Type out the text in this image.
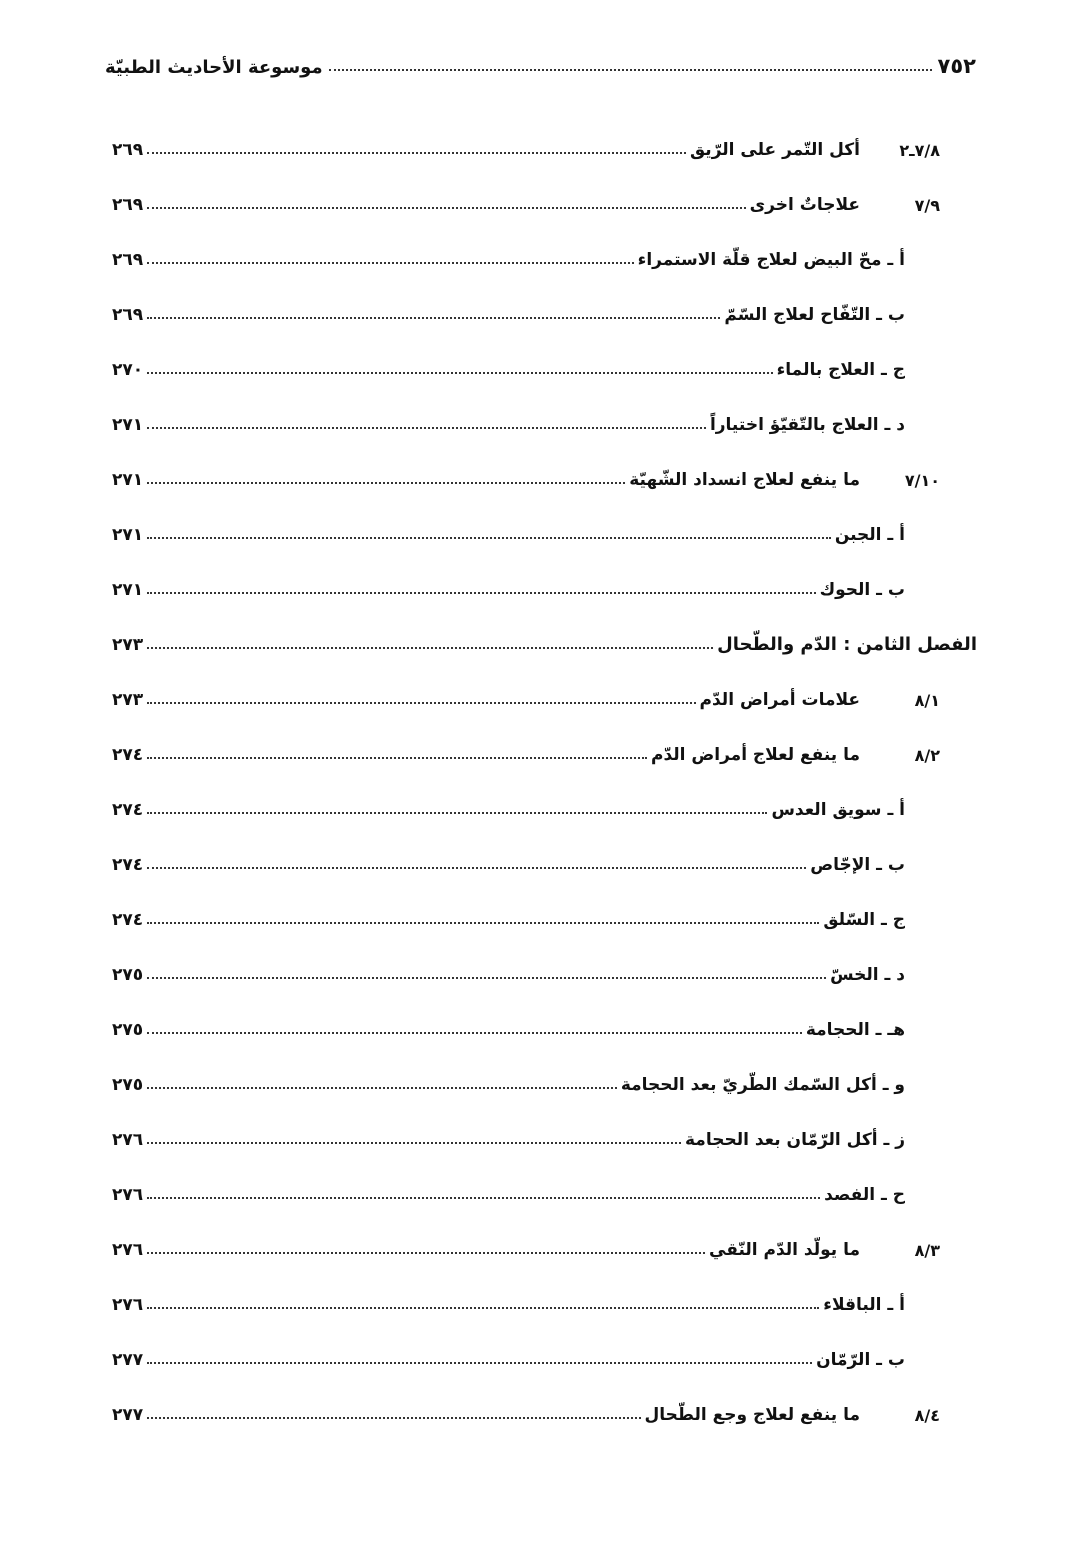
٧٥٢
موسوعة الأحاديث الطبيّة
٧/٨ـ٢
أكل التّمر على الرّيق
٢٦٩
٧/٩
علاجاتٌ اخرى
٢٦٩
أ ـ محّ البيض لعلاج قلّة الاستمراء
٢٦٩
ب ـ التّفّاح لعلاج السّمّ
٢٦٩
ج ـ العلاج بالماء
٢٧٠
د ـ العلاج بالتّقيّؤ اختياراً
٢٧١
٧/١٠
ما ينفع لعلاج انسداد الشّهيّة
٢٧١
أ ـ الجبن
٢٧١
ب ـ الحوك
٢٧١
الفصل الثامن : الدّم والطّحال
٢٧٣
٨/١
علامات أمراض الدّم
٢٧٣
٨/٢
ما ينفع لعلاج أمراض الدّم
٢٧٤
أ ـ سويق العدس
٢٧٤
ب ـ الإجّاص
٢٧٤
ج ـ السّلق
٢٧٤
د ـ الخسّ
٢٧٥
هـ ـ الحجامة
٢٧٥
و ـ أكل السّمك الطّريّ بعد الحجامة
٢٧٥
ز ـ أكل الرّمّان بعد الحجامة
٢٧٦
ح ـ الفصد
٢٧٦
٨/٣
ما يولّد الدّم النّقي
٢٧٦
أ ـ الباقلاء
٢٧٦
ب ـ الرّمّان
٢٧٧
٨/٤
ما ينفع لعلاج وجع الطّحال
٢٧٧
